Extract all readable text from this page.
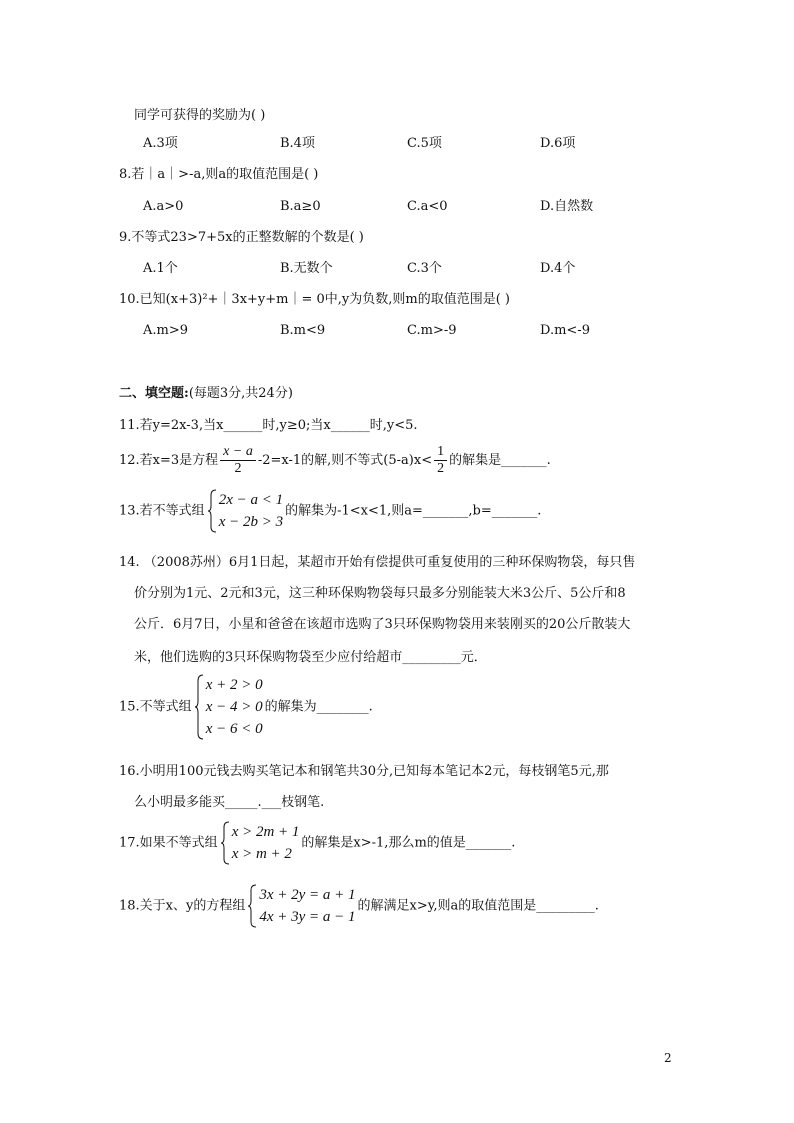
同学可获得的奖励为( )
A.3项	B.4项	C.5项	D.6项
8.若｜a｜>-a,则a的取值范围是( )
A.a>0	B.a≥0	C.a<0	D.自然数
9.不等式23>7+5x的正整数解的个数是( )
A.1个	B.无数个	C.3个	D.4个
10.已知(x+3)²+｜3x+y+m｜= 0中,y为负数,则m的取值范围是( )
A.m>9	B.m<9	C.m>-9	D.m<-9
二、填空题:(每题3分,共24分)
11.若y=2x-3,当x______时,y≥0;当x______时,y<5.
12.若x=3是方程 $\frac{x - a}{2} -2=x-1$的解,则不等式$(5-a)x< \frac{1}{2}$ 的解集是_______.
13.若不等式组
2x − a < 1
x − 2b > 3
的解集为-1<x<1,则a=_______,b=_______.
14. （2008苏州）6月1日起，某超市开始有偿提供可重复使用的三种环保购物袋，每只售
价分别为1元、2元和3元，这三种环保购物袋每只最多分别能装大米3公斤、5公斤和8
公斤．6月7日，小星和爸爸在该超市选购了3只环保购物袋用来装刚买的20公斤散装大
米，他们选购的3只环保购物袋至少应付给超市_________元．
15.不等式组
x + 2 > 0
x − 4 > 0
x − 6 < 0
的解集为________.
16.小明用100元钱去购买笔记本和钢笔共30分,已知每本笔记本2元，每枝钢笔5元,那
么小明最多能买_____.___枝钢笔.
17.如果不等式组
x > 2m + 1
x > m + 2
的解集是x>-1,那么m的值是_______.
18.关于x、y的方程组
3x + 2y = a + 1
4x + 3y = a − 1
的解满足x>y,则a的取值范围是_________.
2
